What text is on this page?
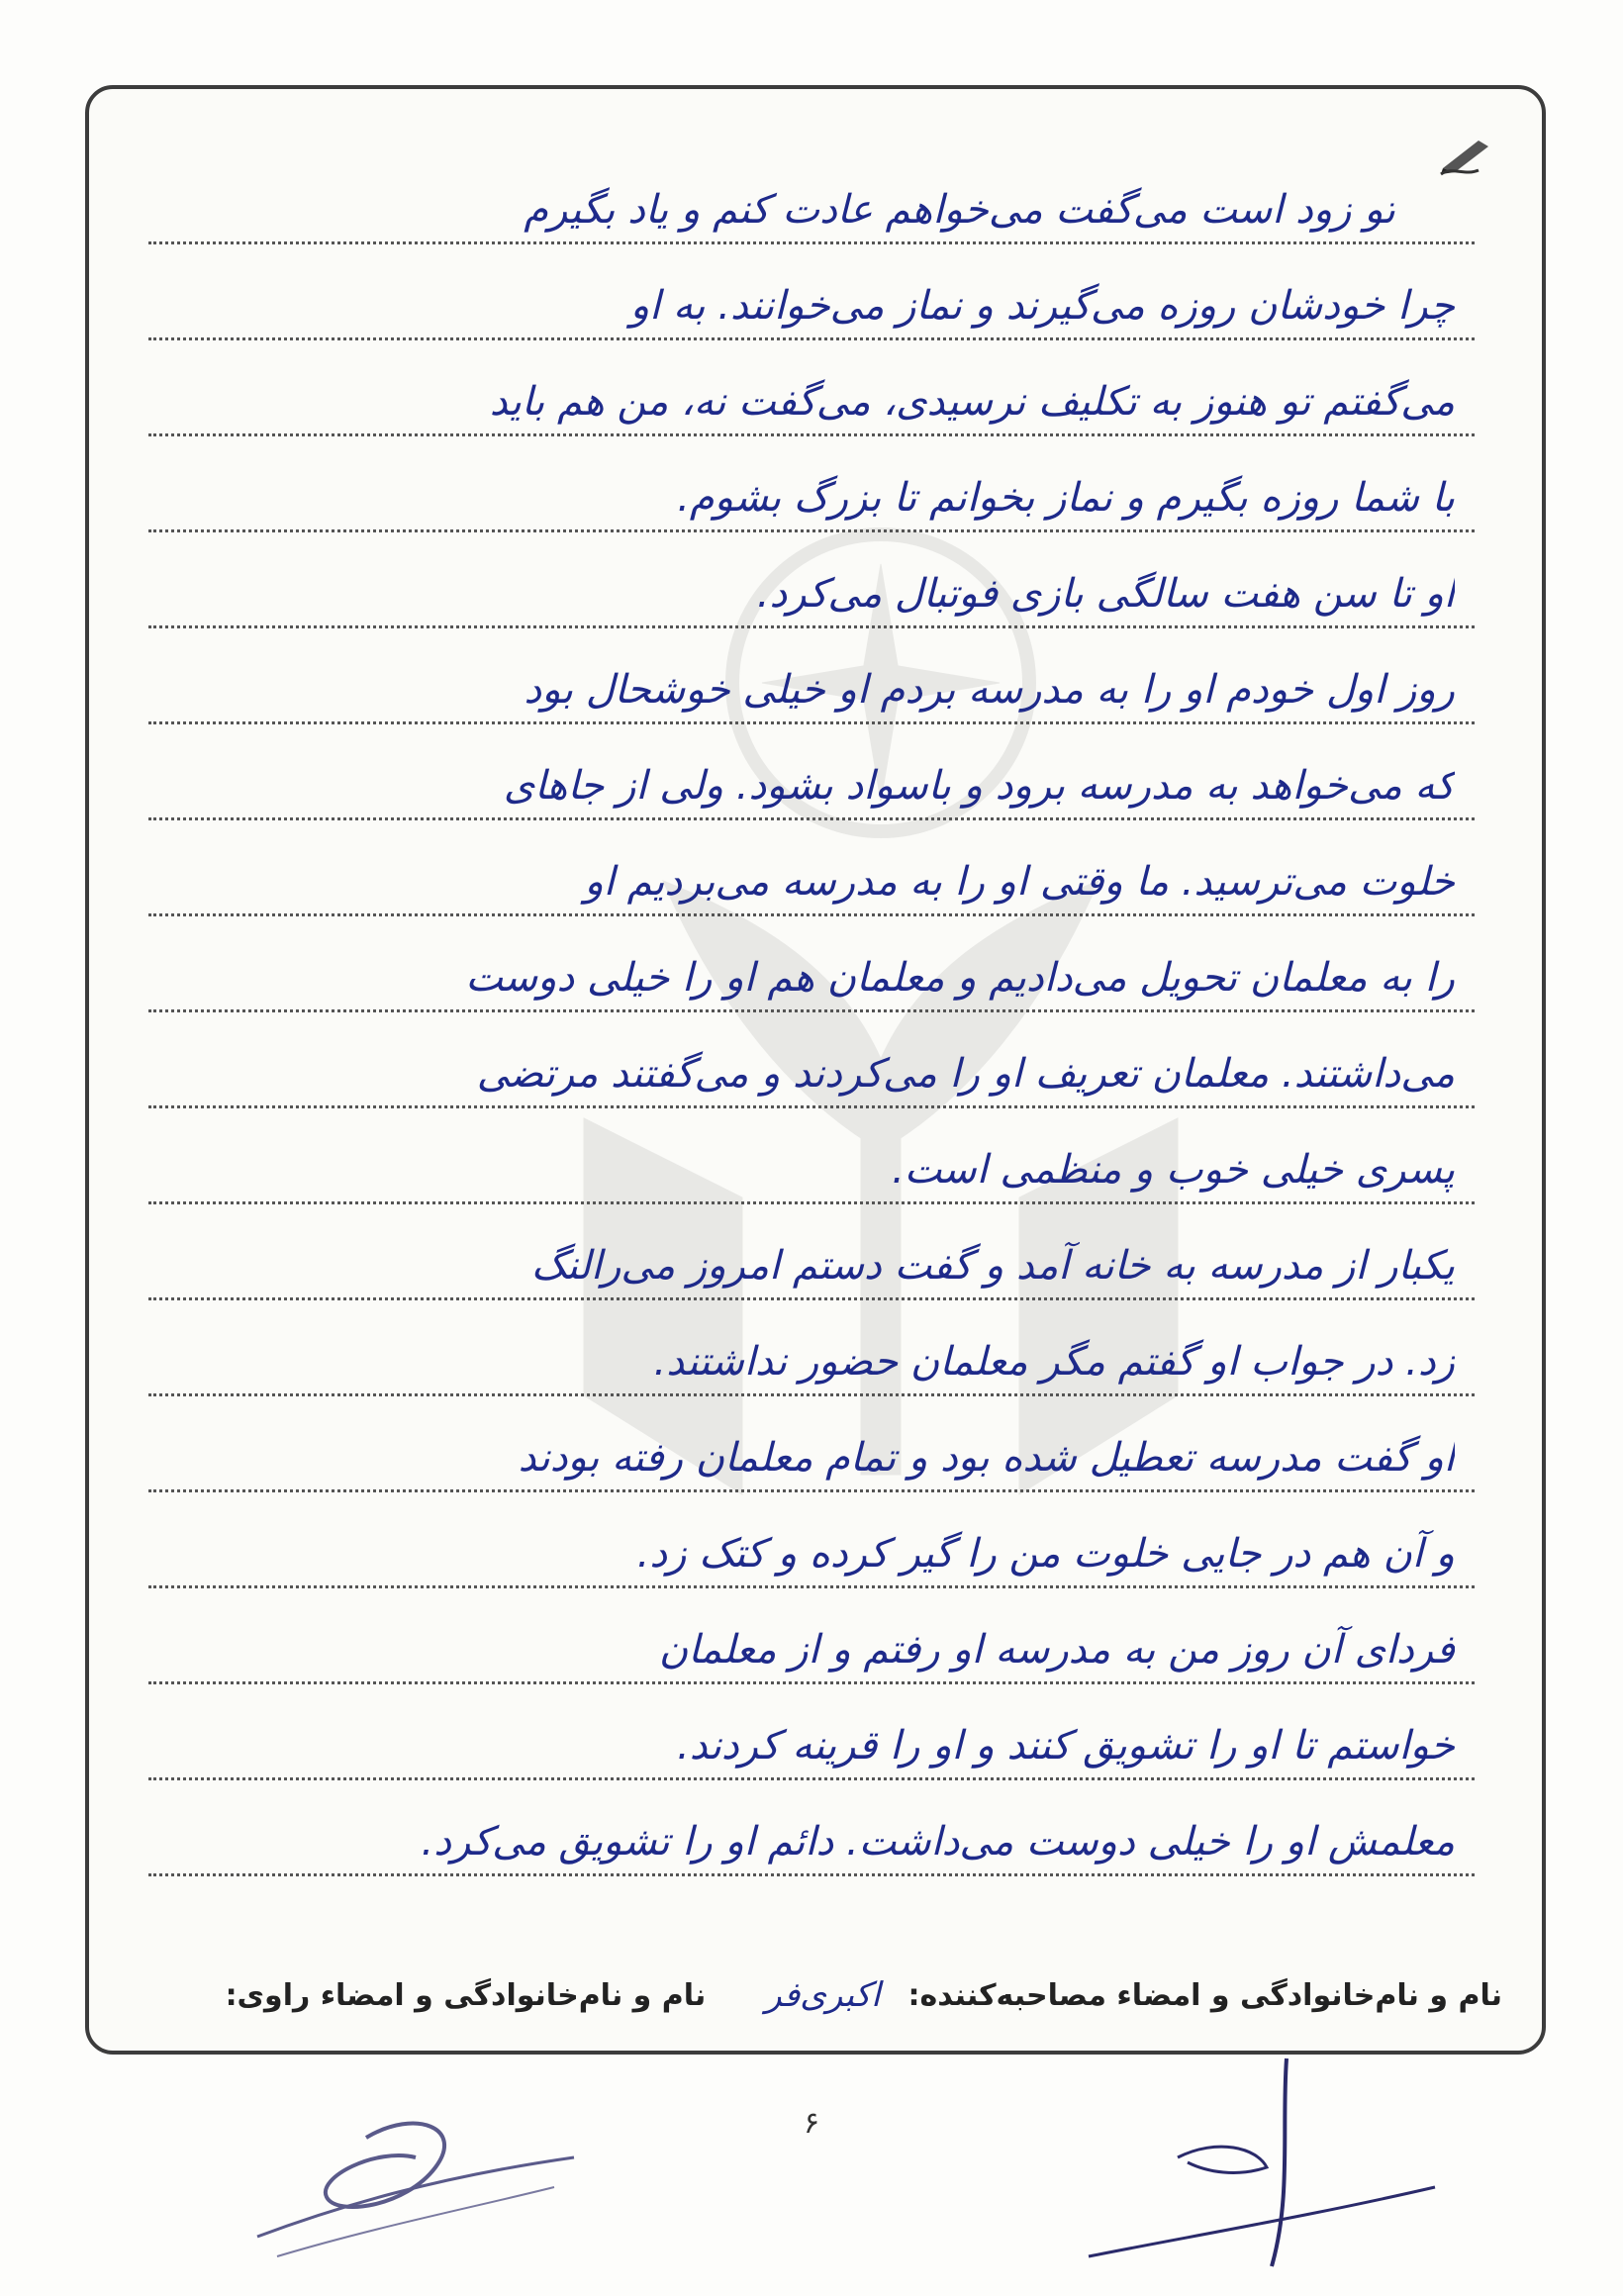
تو زود است می‌گفت می‌خواهم عادت کنم و یاد بگیرم
چرا خودشان روزه می‌گیرند و نماز می‌خوانند. به او
می‌گفتم تو هنوز به تکلیف نرسیدی، می‌گفت نه، من هم باید
با شما روزه بگیرم و نماز بخوانم تا بزرگ بشوم.
او تا سن هفت سالگی بازی فوتبال می‌کرد.
روز اول خودم او را به مدرسه بردم او خیلی خوشحال بود
که می‌خواهد به مدرسه برود و باسواد بشود. ولی از جاهای
خلوت می‌ترسید. ما وقتی او را به مدرسه می‌بردیم او
را به معلمان تحویل می‌دادیم و معلمان هم او را خیلی دوست
می‌داشتند. معلمان تعریف او را می‌کردند و می‌گفتند مرتضی
پسری خیلی خوب و منظمی است.
یکبار از مدرسه به خانه آمد و گفت دستم امروز می‌رالنگ
زد. در جواب او گفتم مگر معلمان حضور نداشتند.
او گفت مدرسه تعطیل شده بود و تمام معلمان رفته بودند
و آن هم در جایی خلوت من را گیر کرده و کتک زد.
فردای آن روز من به مدرسه او رفتم و از معلمان
خواستم تا او را تشویق کنند و او را قرینه کردند.
معلمش او را خیلی دوست می‌داشت. دائم او را تشویق می‌کرد.
نام و نام‌خانوادگی و امضاء مصاحبه‌کننده:
اکبری‌فر
نام و نام‌خانوادگی و امضاء راوی:
۶
